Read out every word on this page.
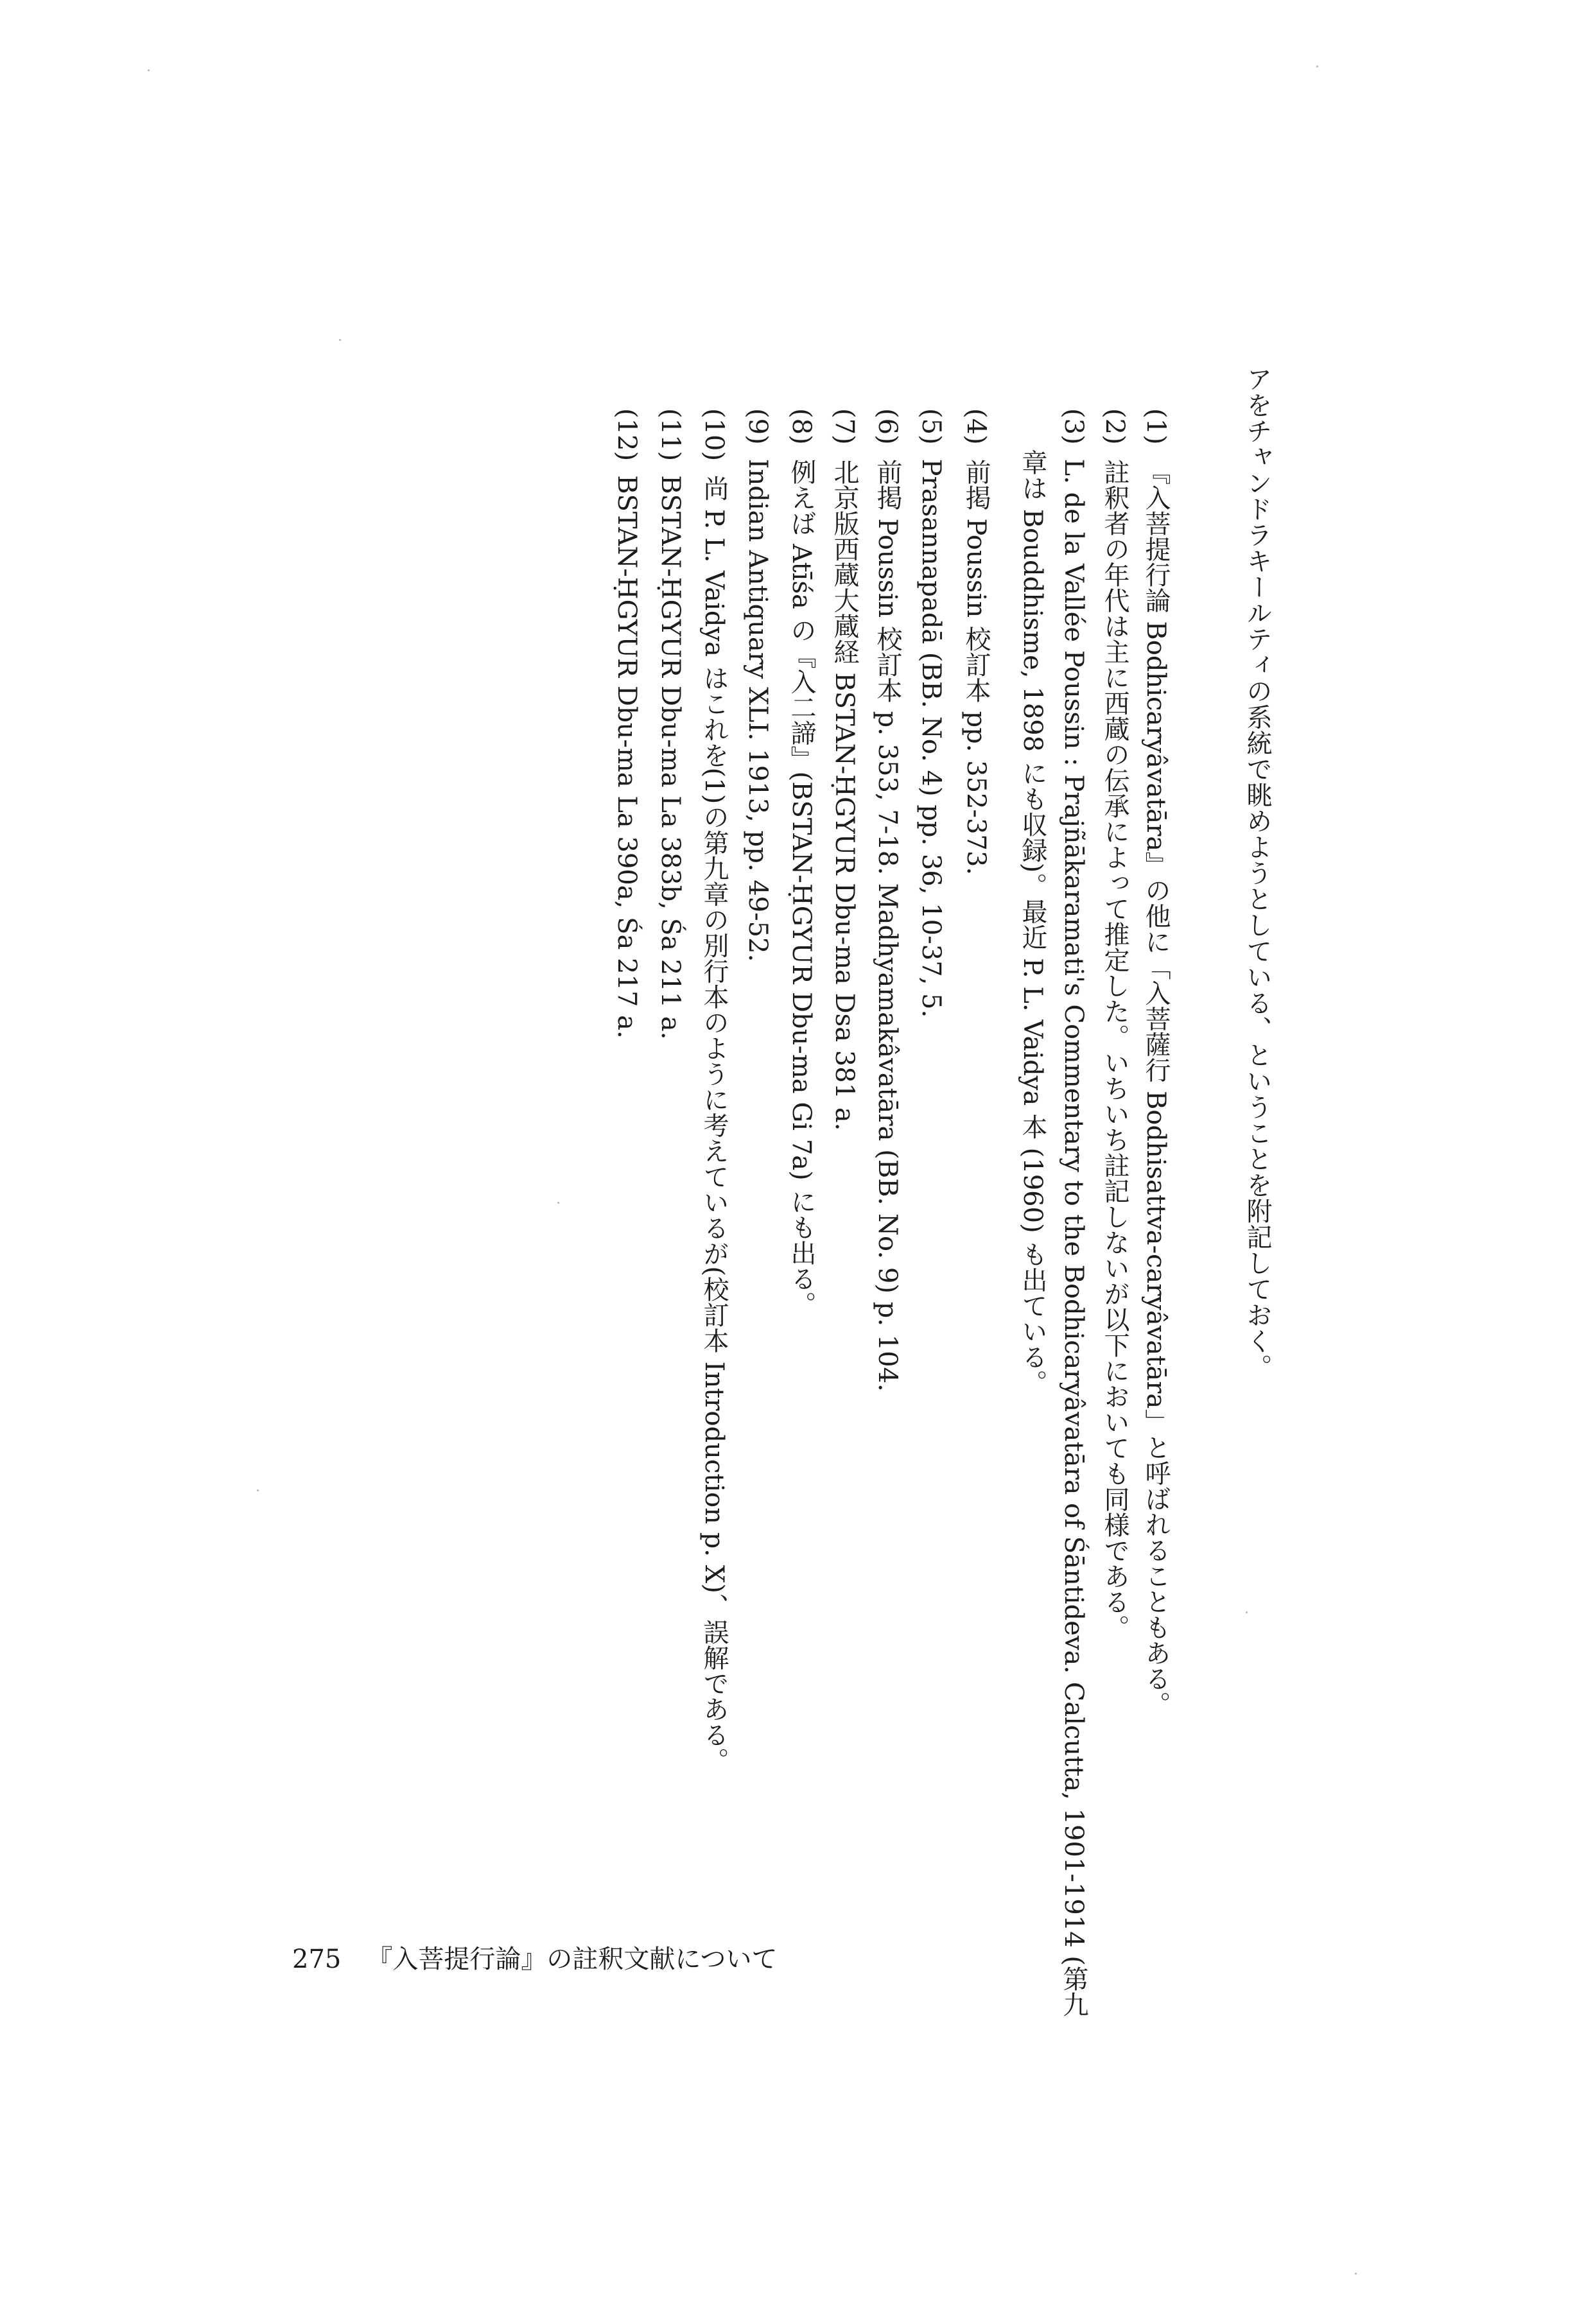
アをチャンドラキールティの系統で眺めようとしている、ということを附記しておく。
(1)『入菩提行論 Bodhicaryâvatāra』の他に「入菩薩行 Bodhisattva-caryâvatāra」と呼ばれることもある。
(2)註釈者の年代は主に西蔵の伝承によって推定した。いちいち註記しないが以下においても同様である。
(3)L. de la Vallée Poussin : Prajñākaramati's Commentary to the Bodhicaryâvatāra of Śāntideva. Calcutta, 1901-1914 (第九
章は Bouddhisme, 1898 にも収録)。最近 P. L. Vaidya 本 (1960) も出ている。
(4)前掲 Poussin 校訂本 pp. 352-373.
(5)Prasannapadā (BB. No. 4) pp. 36, 10-37, 5.
(6)前掲 Poussin 校訂本 p. 353, 7-18. Madhyamakâvatāra (BB. No. 9) p. 104.
(7)北京版西蔵大蔵経 BSTAN-ḤGYUR Dbu-ma Dsa 381 a.
(8)例えば Atīśa の『入二諦』(BSTAN-ḤGYUR Dbu-ma Gi 7a) にも出る。
(9)Indian Antiquary XLI. 1913, pp. 49-52.
(10)尚 P. L. Vaidya はこれを(1)の第九章の別行本のように考えているが(校訂本 Introduction p. X)、誤解である。
(11)BSTAN-ḤGYUR Dbu-ma La 383b, Śa 211 a.
(12)BSTAN-ḤGYUR Dbu-ma La 390a, Śa 217 a.
275 『入菩提行論』の註釈文献について
